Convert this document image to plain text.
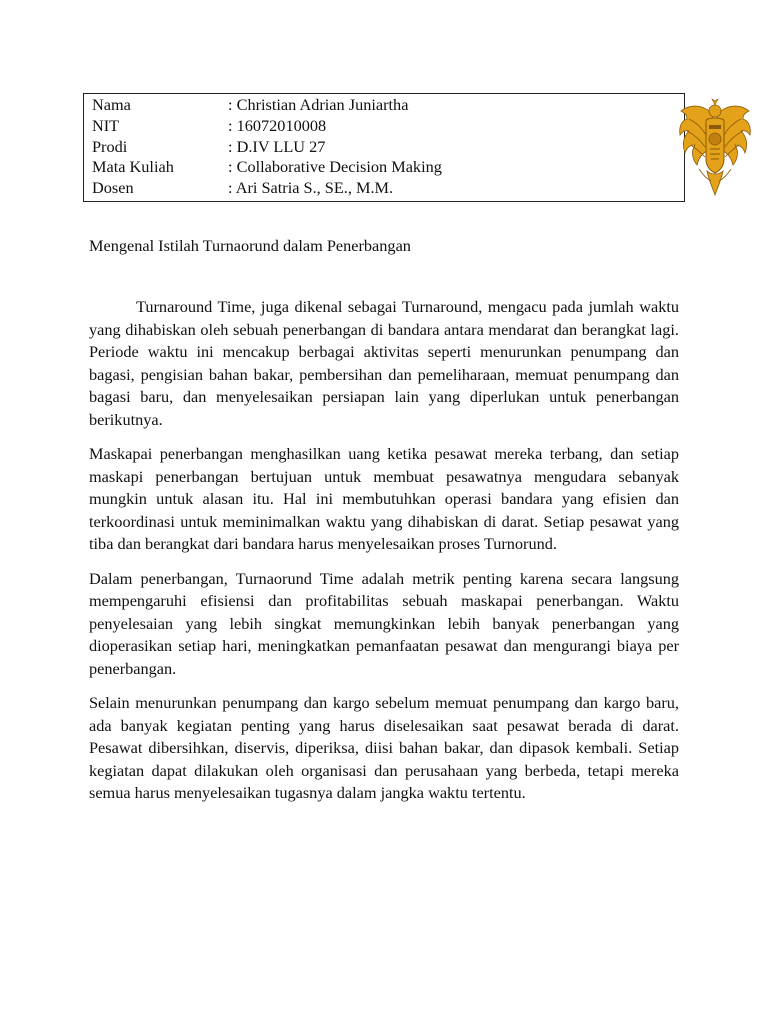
Nama	: Christian Adrian Juniartha
NIT	: 16072010008
Prodi	: D.IV LLU 27
Mata Kuliah	: Collaborative Decision Making
Dosen	: Ari Satria S., SE., M.M.
Mengenal Istilah Turnaorund dalam Penerbangan

Turnaround Time, juga dikenal sebagai Turnaround, mengacu pada jumlah waktu yang dihabiskan oleh sebuah penerbangan di bandara antara mendarat dan berangkat lagi. Periode waktu ini mencakup berbagai aktivitas seperti menurunkan penumpang dan bagasi, pengisian bahan bakar, pembersihan dan pemeliharaan, memuat penumpang dan bagasi baru, dan menyelesaikan persiapan lain yang diperlukan untuk penerbangan berikutnya.

Maskapai penerbangan menghasilkan uang ketika pesawat mereka terbang, dan setiap maskapi penerbangan bertujuan untuk membuat pesawatnya mengudara sebanyak mungkin untuk alasan itu. Hal ini membutuhkan operasi bandara yang efisien dan terkoordinasi untuk meminimalkan waktu yang dihabiskan di darat. Setiap pesawat yang tiba dan berangkat dari bandara harus menyelesaikan proses Turnorund.

Dalam penerbangan, Turnaorund Time adalah metrik penting karena secara langsung mempengaruhi efisiensi dan profitabilitas sebuah maskapai penerbangan. Waktu penyelesaian yang lebih singkat memungkinkan lebih banyak penerbangan yang dioperasikan setiap hari, meningkatkan pemanfaatan pesawat dan mengurangi biaya per penerbangan.

Selain menurunkan penumpang dan kargo sebelum memuat penumpang dan kargo baru, ada banyak kegiatan penting yang harus diselesaikan saat pesawat berada di darat. Pesawat dibersihkan, diservis, diperiksa, diisi bahan bakar, dan dipasok kembali. Setiap kegiatan dapat dilakukan oleh organisasi dan perusahaan yang berbeda, tetapi mereka semua harus menyelesaikan tugasnya dalam jangka waktu tertentu.
